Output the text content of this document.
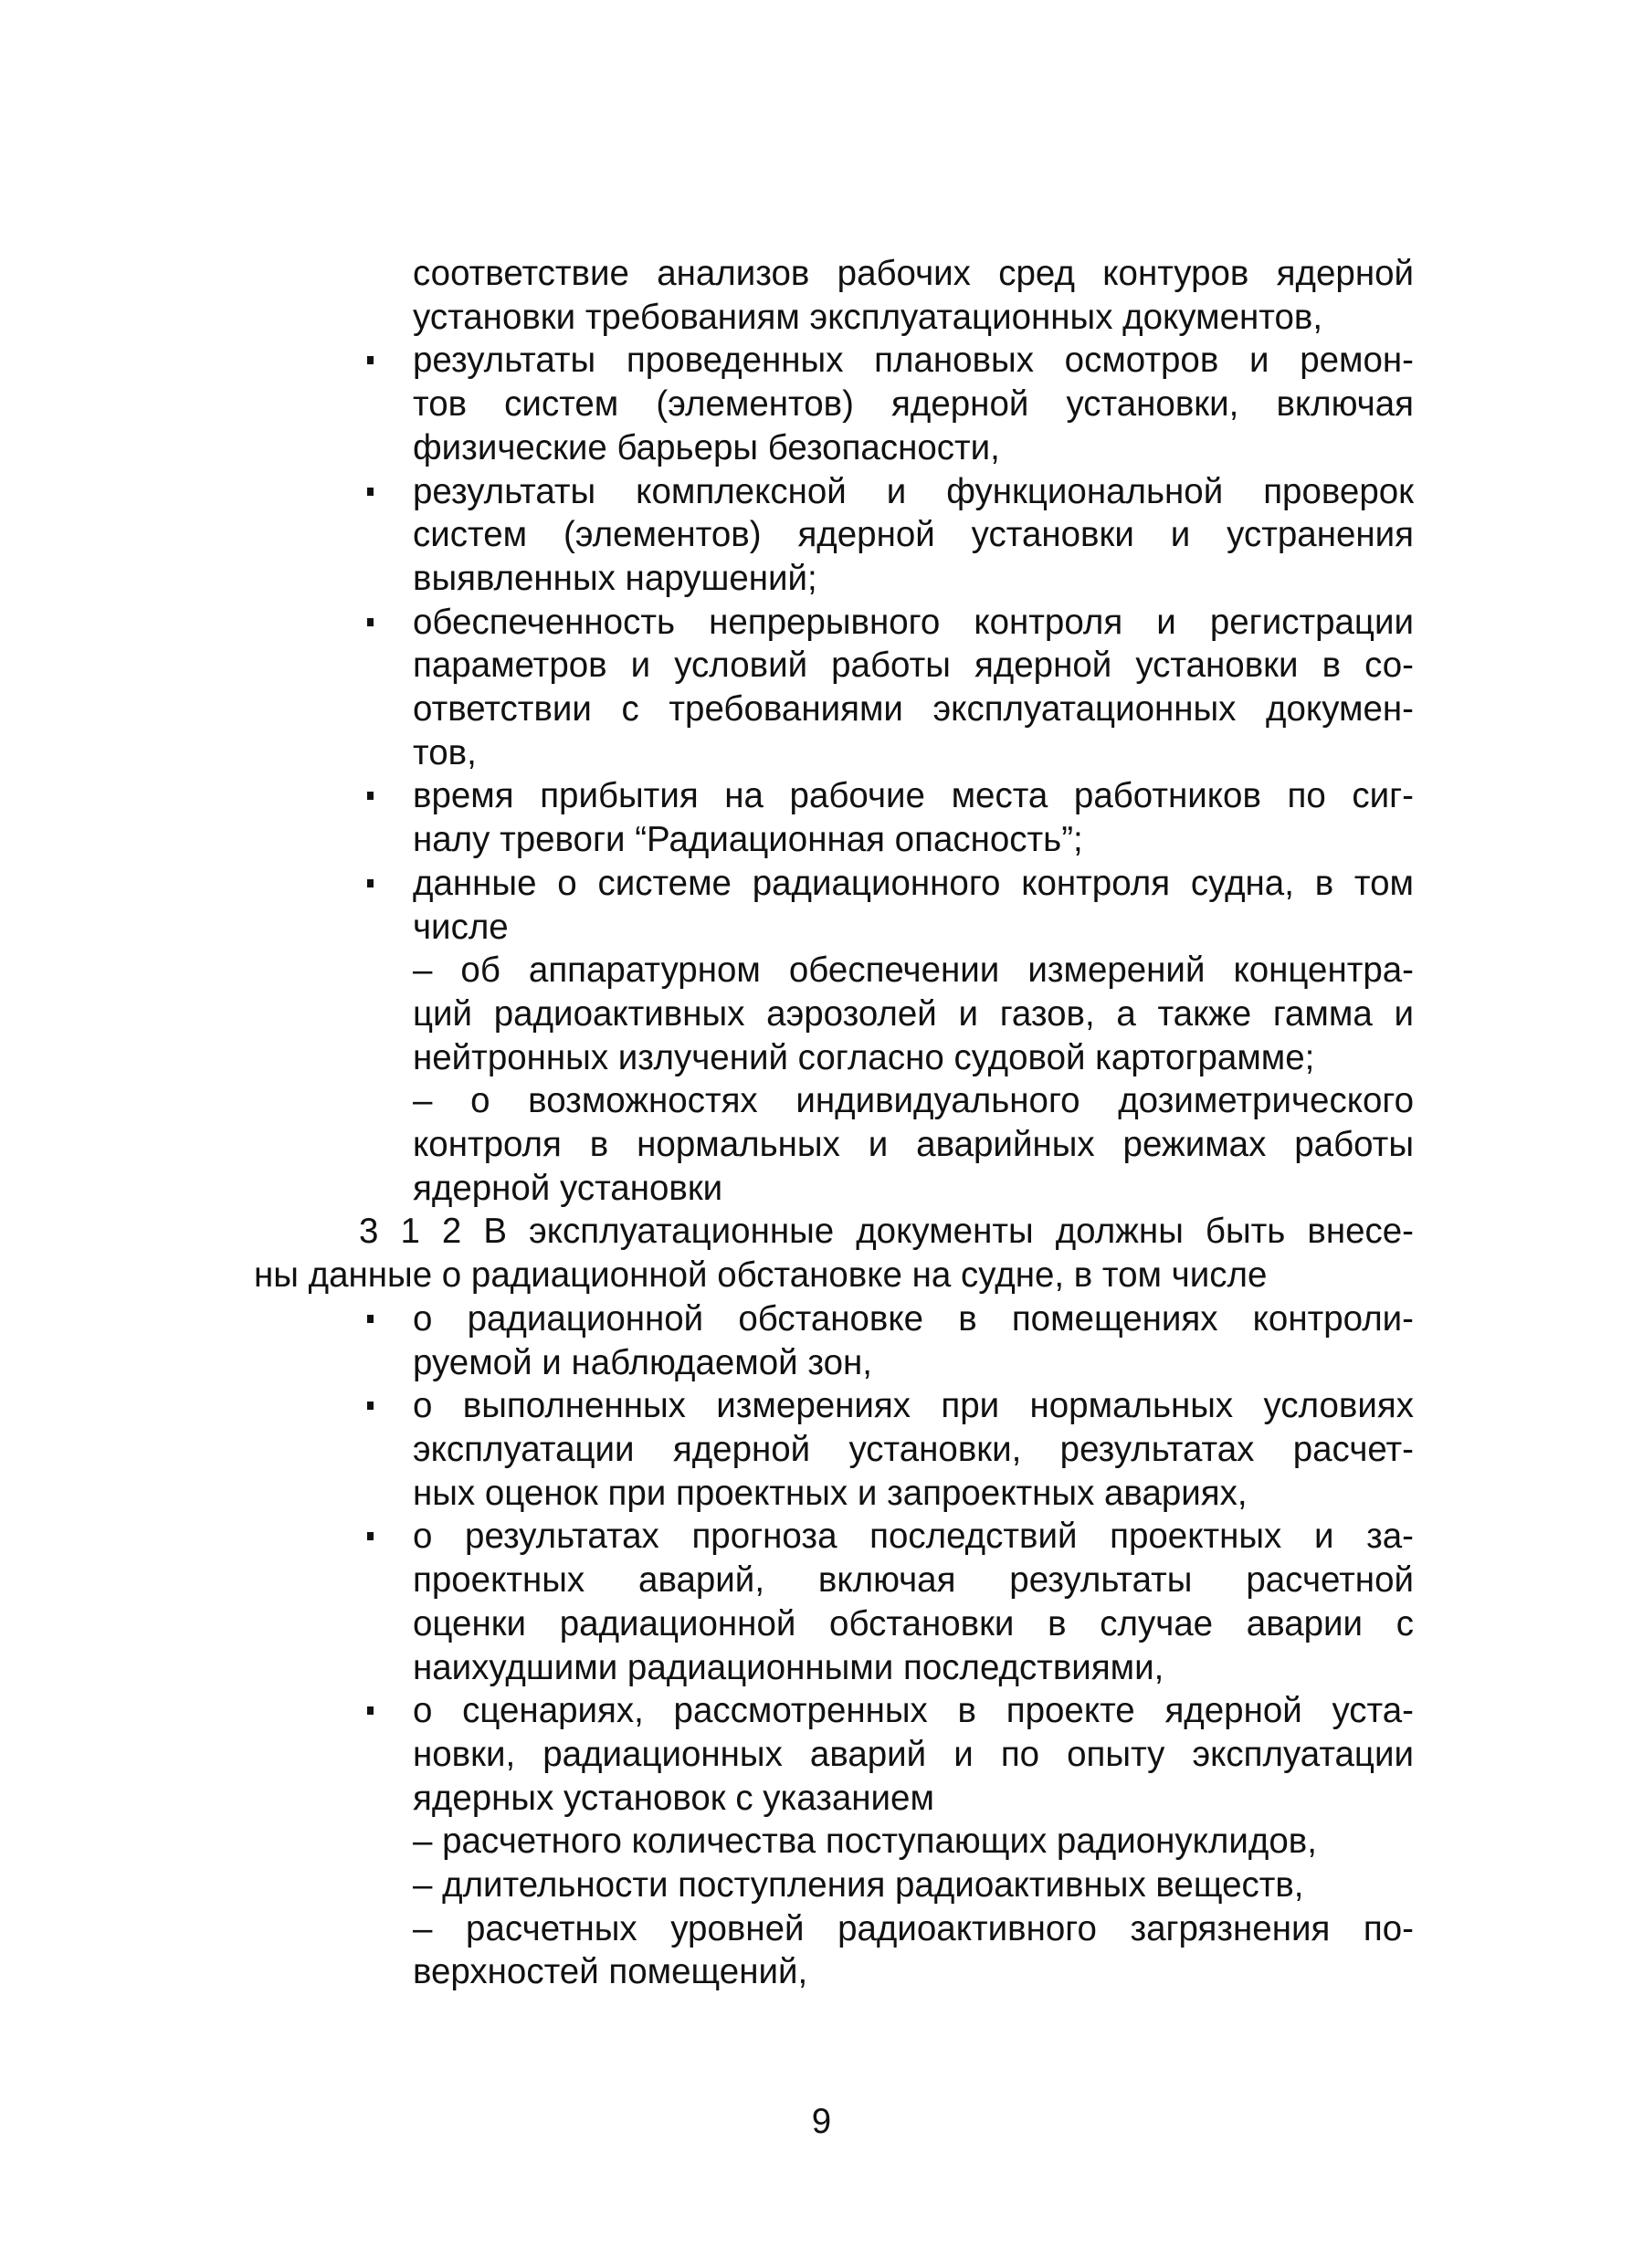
соответствие анализов рабочих сред контуров ядерной
установки требованиям эксплуатационных документов,
результаты проведенных плановых осмотров и ремон-
тов систем (элементов) ядерной установки, включая
физические барьеры безопасности,
результаты комплексной и функциональной проверок
систем (элементов) ядерной установки и устранения
выявленных нарушений;
обеспеченность непрерывного контроля и регистрации
параметров и условий работы ядерной установки в со-
ответствии с требованиями эксплуатационных докумен-
тов,
время прибытия на рабочие места работников по сиг-
налу тревоги “Радиационная опасность”;
данные о системе радиационного контроля судна, в том
числе
– об аппаратурном обеспечении измерений концентра-
ций радиоактивных аэрозолей и газов, а также гамма и
нейтронных излучений согласно судовой картограмме;
– о возможностях индивидуального дозиметрического
контроля в нормальных и аварийных режимах работы
ядерной установки
3 1 2 В эксплуатационные документы должны быть внесе-
ны данные о радиационной обстановке на судне, в том числе
о радиационной обстановке в помещениях контроли-
руемой и наблюдаемой зон,
о выполненных измерениях при нормальных условиях
эксплуатации ядерной установки, результатах расчет-
ных оценок при проектных и запроектных авариях,
о результатах прогноза последствий проектных и за-
проектных аварий, включая результаты расчетной
оценки радиационной обстановки в случае аварии с
наихудшими радиационными последствиями,
о сценариях, рассмотренных в проекте ядерной уста-
новки, радиационных аварий и по опыту эксплуатации
ядерных установок с указанием
– расчетного количества поступающих радионуклидов,
– длительности поступления радиоактивных веществ,
– расчетных уровней радиоактивного загрязнения по-
верхностей помещений,
9
